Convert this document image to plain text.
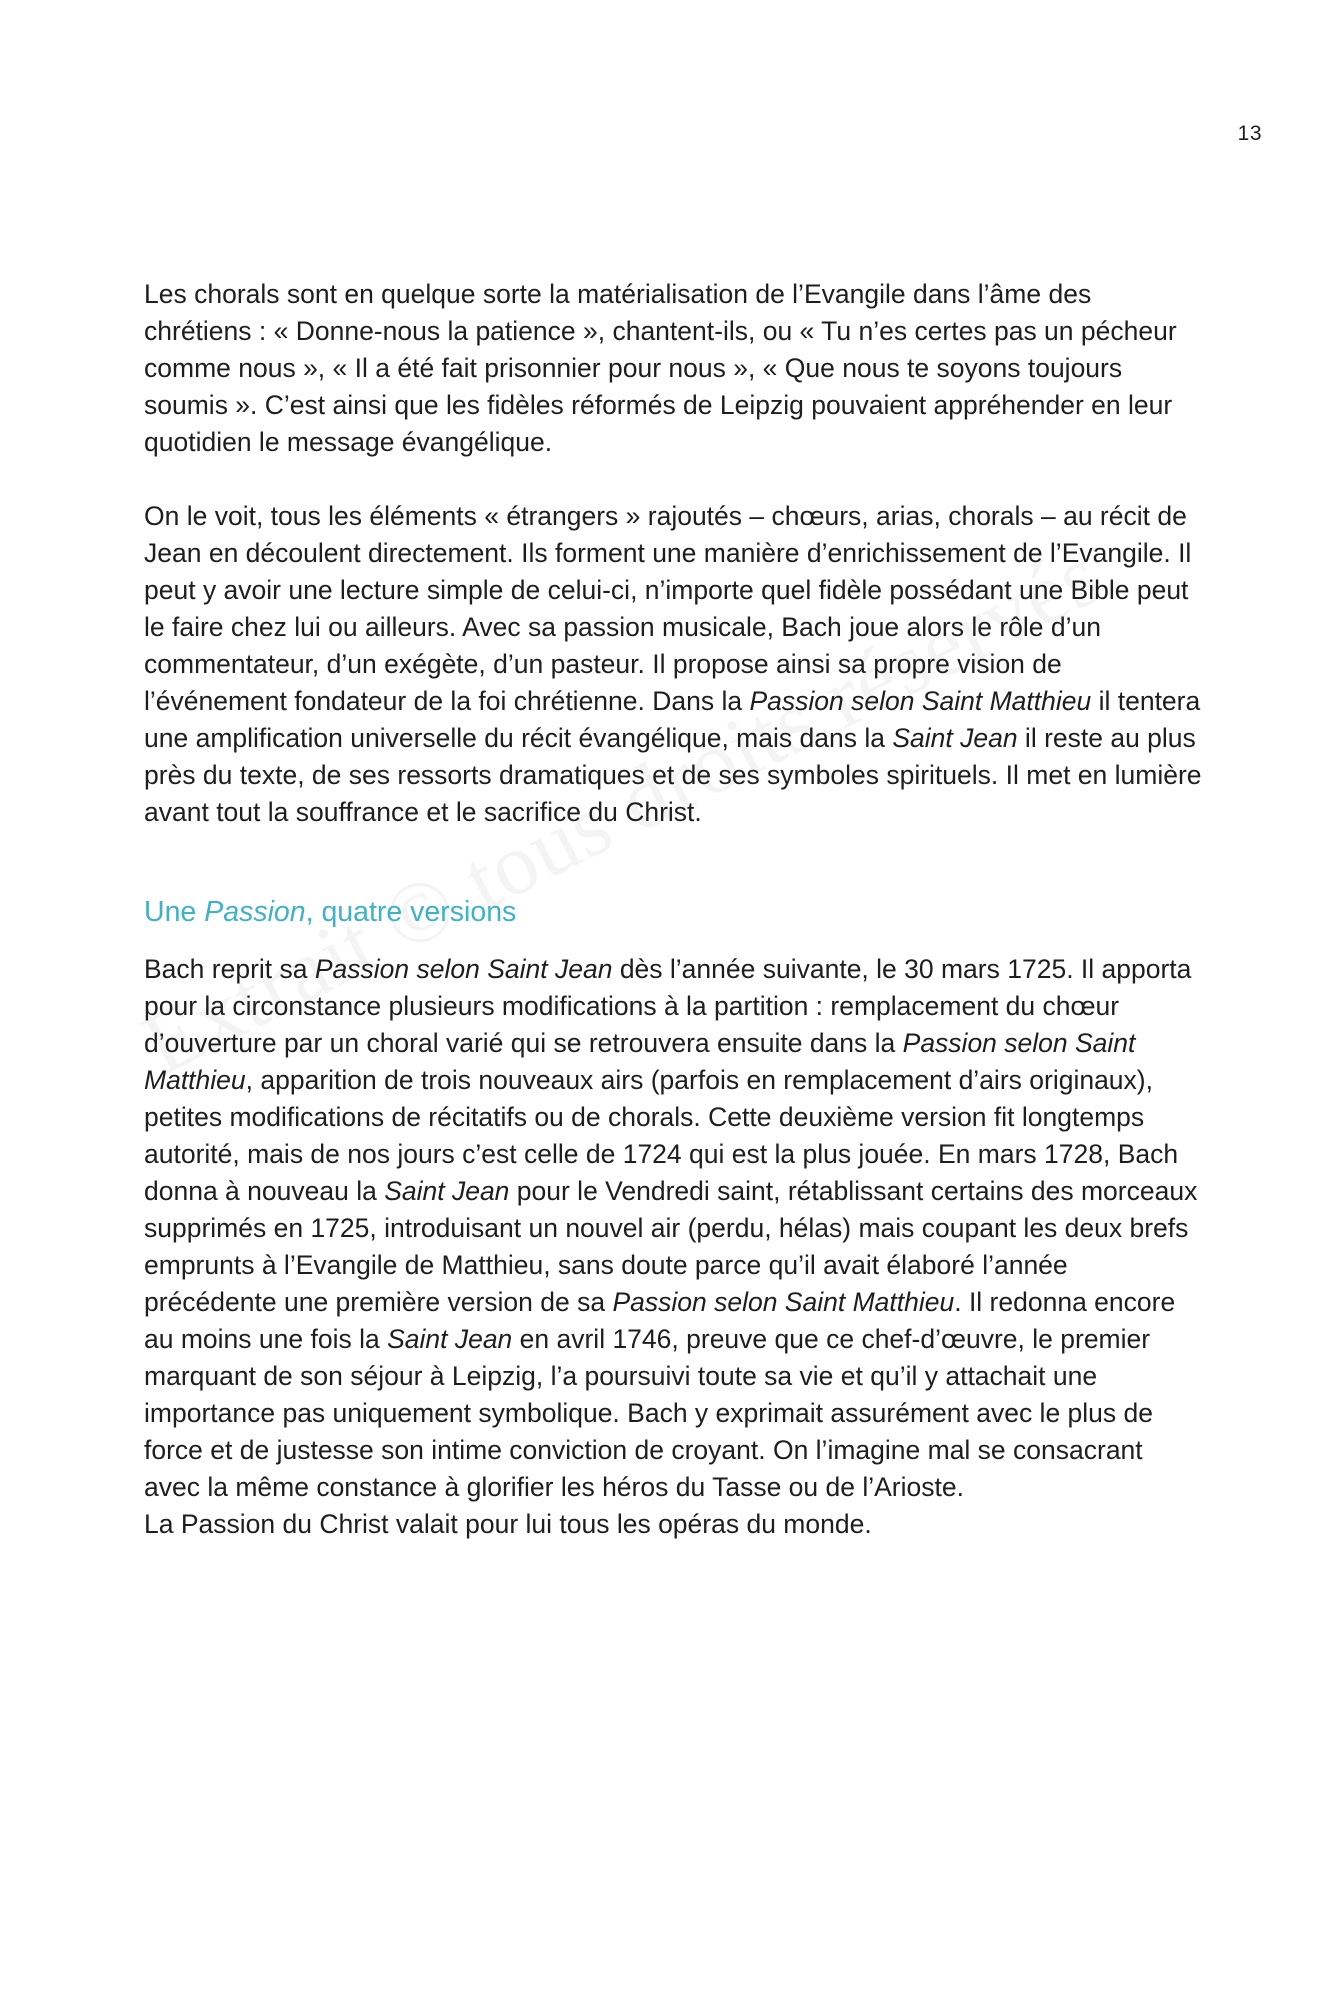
13

Les chorals sont en quelque sorte la matérialisation de l’Evangile dans l’âme des chrétiens : « Donne-nous la patience », chantent-ils, ou « Tu n’es certes pas un pécheur comme nous », « Il a été fait prisonnier pour nous », « Que nous te soyons toujours soumis ». C’est ainsi que les fidèles réformés de Leipzig pouvaient appréhender en leur quotidien le message évangélique.

On le voit, tous les éléments « étrangers » rajoutés – chœurs, arias, chorals – au récit de Jean en découlent directement. Ils forment une manière d’enrichissement de l’Evangile. Il peut y avoir une lecture simple de celui-ci, n’importe quel fidèle possédant une Bible peut le faire chez lui ou ailleurs. Avec sa passion musicale, Bach joue alors le rôle d’un commentateur, d’un exégète, d’un pasteur. Il propose ainsi sa propre vision de l’événement fondateur de la foi chrétienne. Dans la Passion selon Saint Matthieu il tentera une amplification universelle du récit évangélique, mais dans la Saint Jean il reste au plus près du texte, de ses ressorts dramatiques et de ses symboles spirituels. Il met en lumière avant tout la souffrance et le sacrifice du Christ.

Une Passion, quatre versions

Bach reprit sa Passion selon Saint Jean dès l’année suivante, le 30 mars 1725. Il apporta pour la circonstance plusieurs modifications à la partition : remplacement du chœur d’ouverture par un choral varié qui se retrouvera ensuite dans la Passion selon Saint Matthieu, apparition de trois nouveaux airs (parfois en remplacement d’airs originaux), petites modifications de récitatifs ou de chorals. Cette deuxième version fit longtemps autorité, mais de nos jours c’est celle de 1724 qui est la plus jouée. En mars 1728, Bach donna à nouveau la Saint Jean pour le Vendredi saint, rétablissant certains des morceaux supprimés en 1725, introduisant un nouvel air (perdu, hélas) mais coupant les deux brefs emprunts à l’Evangile de Matthieu, sans doute parce qu’il avait élaboré l’année précédente une première version de sa Passion selon Saint Matthieu. Il redonna encore au moins une fois la Saint Jean en avril 1746, preuve que ce chef-d’œuvre, le premier marquant de son séjour à Leipzig, l’a poursuivi toute sa vie et qu’il y attachait une importance pas uniquement symbolique. Bach y exprimait assurément avec le plus de force et de justesse son intime conviction de croyant. On l’imagine mal se consacrant avec la même constance à glorifier les héros du Tasse ou de l’Arioste.
La Passion du Christ valait pour lui tous les opéras du monde.
